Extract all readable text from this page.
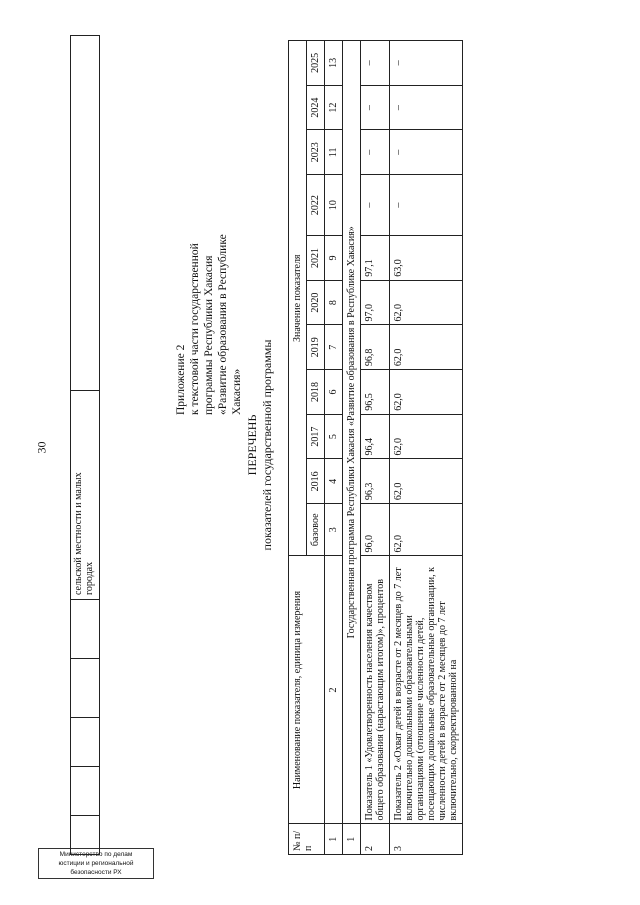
30
Министерство по делам
юстиции и региональной
безопасности РХ

сельской местности и малых городах

Приложение 2 к текстовой части государственной программы Республики Хакасия «Развитие образования в Республике Хакасия»
ПЕРЕЧЕНЬ показателей государственной программы
№ п/п	Наименование показателя, единица измерения	Значение показателя										
		базовое	2016	2017	2018	2019	2020	2021	2022	2023	2024	2025
1	2	3	4	5	6	7	8	9	10	11	12	13
1	Государственная программа Республики Хакасия «Развитие образования в Республике Хакасия»											
2	Показатель 1 «Удовлетворенность населения качеством общего образования (нарастающим итогом)», процентов	96,0	96,3	96,4	96,5	96,8	97,0	97,1	–	–	–	–
3	Показатель 2 «Охват детей в возрасте от 2 месяцев до 7 лет включительно дошкольными образовательными организациями (отношение численности детей, посещающих дошкольные образовательные организации, к численности детей в возрасте от 2 месяцев до 7 лет включительно, скорректированной на	62,0	62,0	62,0	62,0	62,0	62,0	63,0	–	–	–	–
